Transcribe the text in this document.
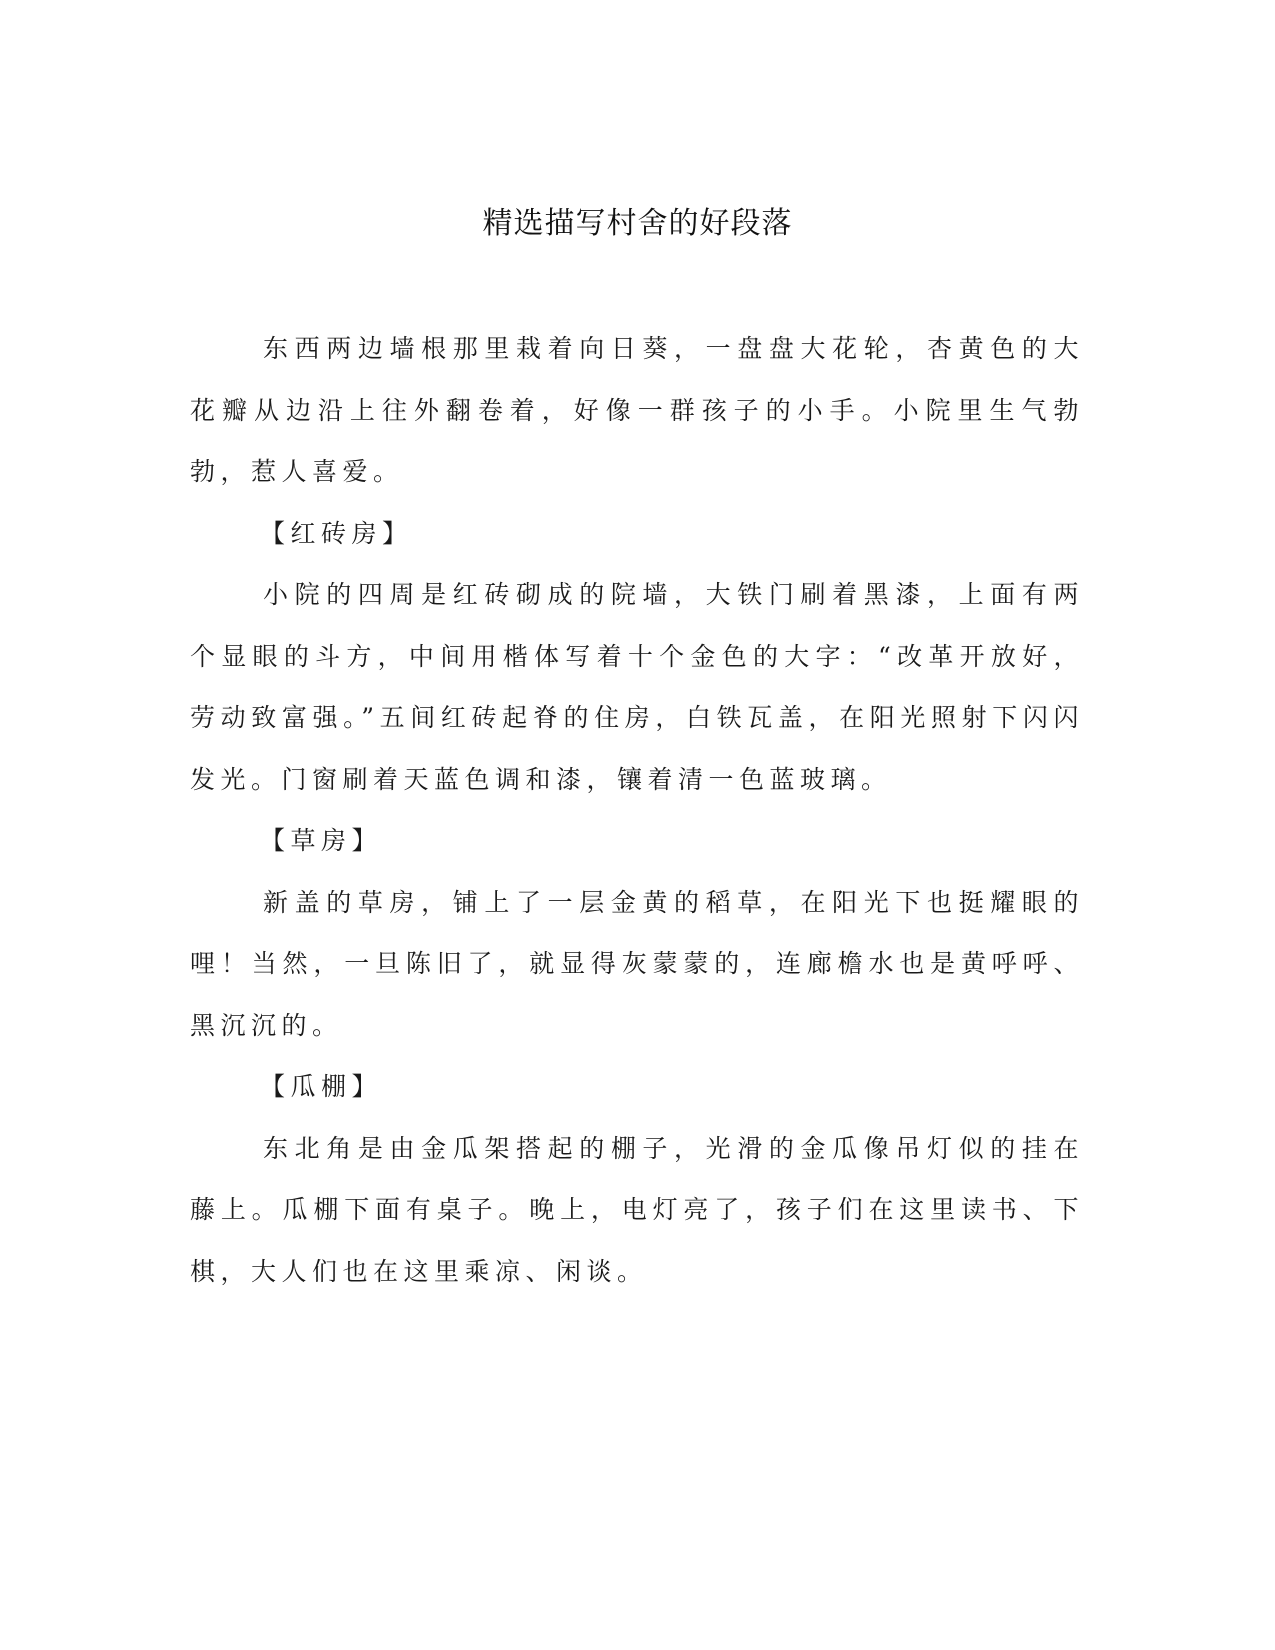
精选描写村舍的好段落

东西两边墙根那里栽着向日葵，一盘盘大花轮，杏黄色的大花瓣从边沿上往外翻卷着，好像一群孩子的小手。小院里生气勃勃，惹人喜爱。

【红砖房】

小院的四周是红砖砌成的院墙，大铁门刷着黑漆，上面有两个显眼的斗方，中间用楷体写着十个金色的大字：“改革开放好，劳动致富强。”五间红砖起脊的住房，白铁瓦盖，在阳光照射下闪闪发光。门窗刷着天蓝色调和漆，镶着清一色蓝玻璃。

【草房】

新盖的草房，铺上了一层金黄的稻草，在阳光下也挺耀眼的哩！当然，一旦陈旧了，就显得灰蒙蒙的，连廊檐水也是黄呼呼、黑沉沉的。

【瓜棚】

东北角是由金瓜架搭起的棚子，光滑的金瓜像吊灯似的挂在藤上。瓜棚下面有桌子。晚上，电灯亮了，孩子们在这里读书、下棋，大人们也在这里乘凉、闲谈。
